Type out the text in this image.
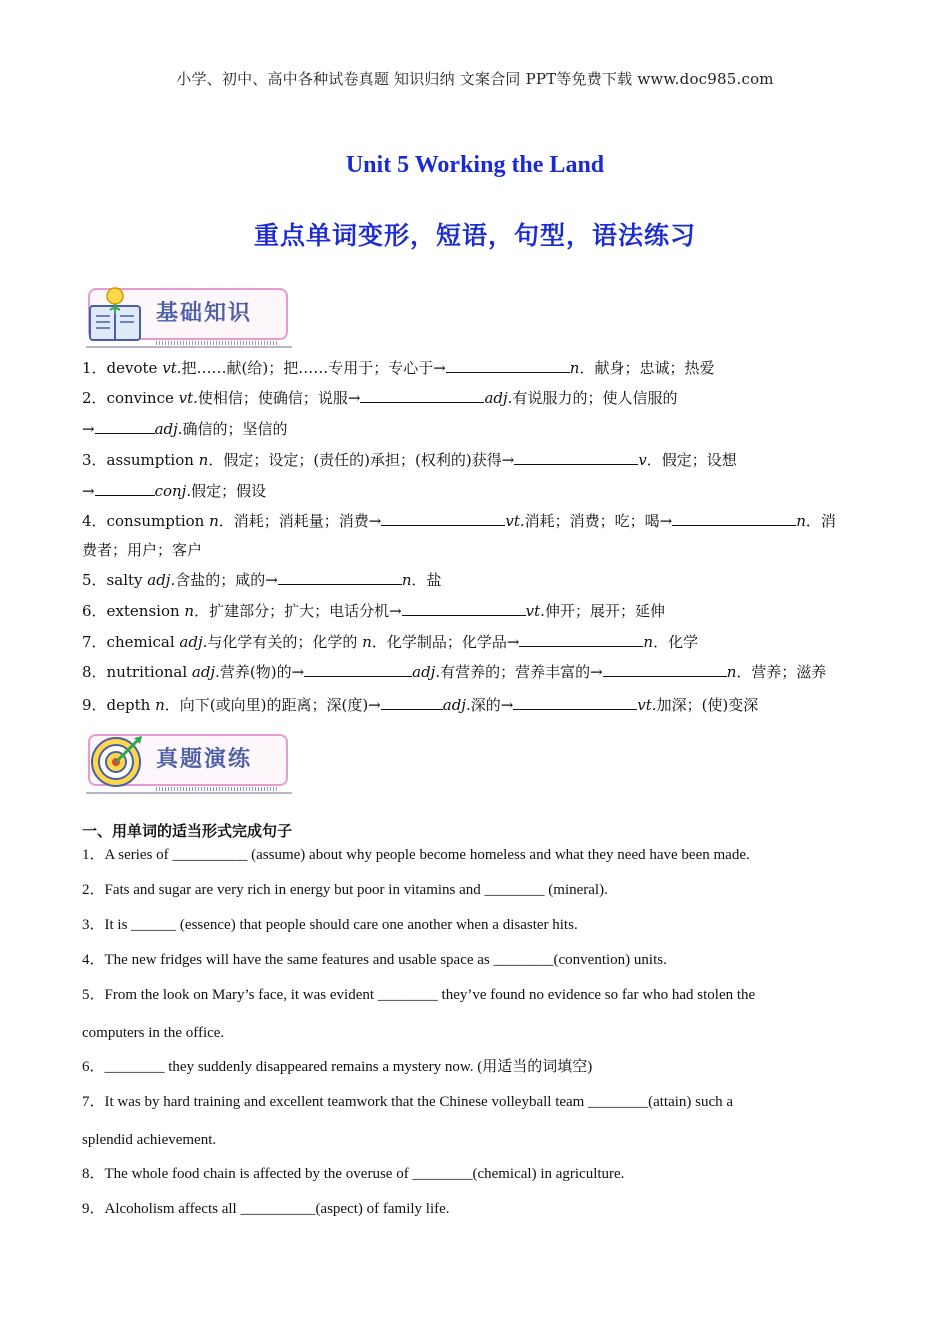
小学、初中、高中各种试卷真题 知识归纳 文案合同 PPT等免费下载 www.doc985.com
Unit 5 Working the Land
重点单词变形，短语，句型，语法练习
基础知识
1．devote vt.把……献(给)；把……专用于；专心于→	n．献身；忠诚；热爱
2．convince vt.使相信；使确信；说服→	adj.有说服力的；使人信服的
→	adj.确信的；坚信的
3．assumption n．假定；设定；(责任的)承担；(权利的)获得→	v．假定；设想
→	conj.假定；假设
4．consumption n．消耗；消耗量；消费→	vt.消耗；消费；吃；喝→	n．消
费者；用户；客户
5．salty adj.含盐的；咸的→	n．盐
6．extension n．扩建部分；扩大；电话分机→	vt.伸开；展开；延伸
7．chemical adj.与化学有关的；化学的 n．化学制品；化学品→	n．化学
8．nutritional adj.营养(物)的→	adj.有营养的；营养丰富的→	n．营养；滋养
9．depth n．向下(或向里)的距离；深(度)→	adj.深的→	vt.加深；(使)变深
真题演练
一、用单词的适当形式完成句子
1．A series of __________ (assume) about why people become homeless and what they need have been made.
2．Fats and sugar are very rich in energy but poor in vitamins and ________ (mineral).
3．It is ______ (essence) that people should care one another when a disaster hits.
4．The new fridges will have the same features and usable space as ________(convention) units.
5．From the look on Mary’s face, it was evident ________ they’ve found no evidence so far who had stolen the
computers in the office.
6．________ they suddenly disappeared remains a mystery now. (用适当的词填空)
7．It was by hard training and excellent teamwork that the Chinese volleyball team ________(attain) such a
splendid achievement.
8．The whole food chain is affected by the overuse of ________(chemical) in agriculture.
9．Alcoholism affects all __________(aspect) of family life.
